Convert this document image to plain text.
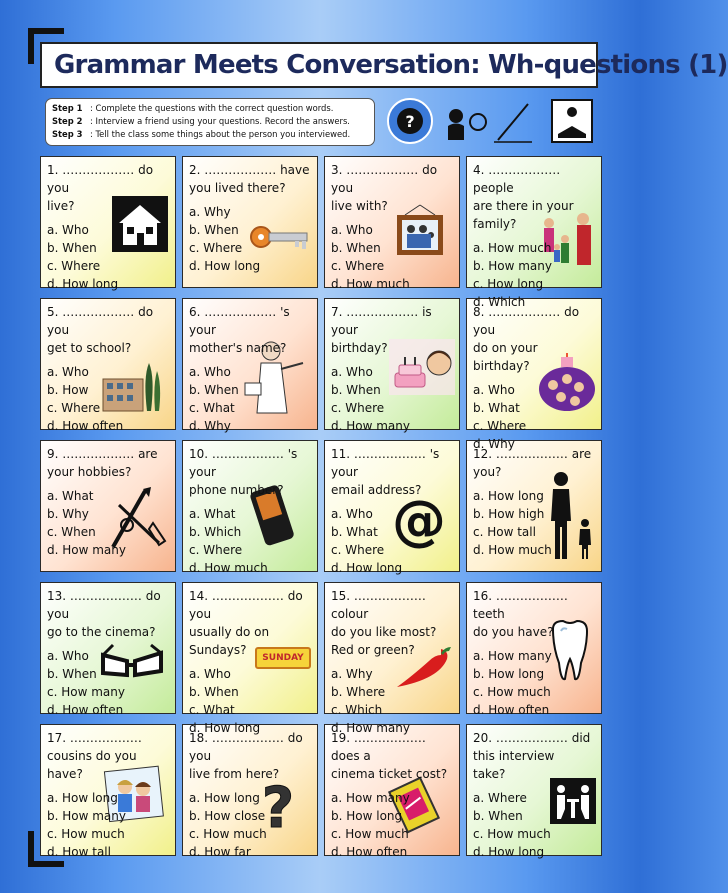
Grammar Meets Conversation: Wh-questions (1)
Step 1 : Complete the questions with the correct question words.
Step 2 : Interview a friend using your questions. Record the answers.
Step 3 : Tell the class some things about the person you interviewed.
?
1. ……………… do you
live?
a. Who
b. When
c. Where
d. How long
2. ……………… have
you lived there?
a. Why
b. When
c. Where
d. How long
3. ……………… do you
live with?
a. Who
b. When
c. Where
d. How much
4. ……………… people
are there in your
family?
a. How much
b. How many
c. How long
d. Which
5. ……………… do you
get to school?
a. Who
b. How
c. Where
d. How often
6. ……………… 's your
mother's name?
a. Who
b. When
c. What
d. Why
7. ……………… is your
birthday?
a. Who
b. When
c. Where
d. How many
8. ……………… do you
do on your
birthday?
a. Who
b. What
c. Where
d. Why
9. ……………… are
your hobbies?
a. What
b. Why
c. When
d. How many
10. ……………… 's your
phone number?
a. What
b. Which
c. Where
d. How much
11. ……………… 's your
email address?
a. Who
b. What
c. Where
d. How long
@
12. ……………… are
you?
a. How long
b. How high
c. How tall
d. How much
13. ……………… do you
go to the cinema?
a. Who
b. When
c. How many
d. How often
14. ……………… do you
usually do on
Sundays?
a. Who
b. When
c. What
d. How long
SUNDAY
15. ……………… colour
do you like most?
Red or green?
a. Why
b. Where
c. Which
d. How many
16. ……………… teeth
do you have?
a. How many
b. How long
c. How much
d. How often
17. ………………
cousins do you
have?
a. How long
b. How many
c. How much
d. How tall
18. ……………… do you
live from here?
a. How long
b. How close
c. How much
d. How far
?
19. ……………… does a
cinema ticket cost?
a. How many
b. How long
c. How much
d. How often
20. ……………… did
this interview
take?
a. Where
b. When
c. How much
d. How long
